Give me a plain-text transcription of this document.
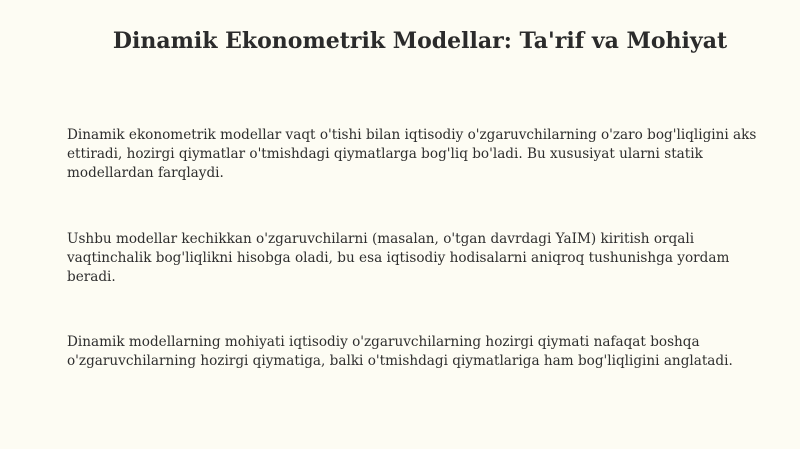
Dinamik Ekonometrik Modellar: Ta'rif va Mohiyat

Dinamik ekonometrik modellar vaqt o'tishi bilan iqtisodiy o'zgaruvchilarning o'zaro bog'liqligini aks ettiradi, hozirgi qiymatlar o'tmishdagi qiymatlarga bog'liq bo'ladi. Bu xususiyat ularni statik modellardan farqlaydi.

Ushbu modellar kechikkan o'zgaruvchilarni (masalan, o'tgan davrdagi YaIM) kiritish orqali vaqtinchalik bog'liqlikni hisobga oladi, bu esa iqtisodiy hodisalarni aniqroq tushunishga yordam beradi.

Dinamik modellarning mohiyati iqtisodiy o'zgaruvchilarning hozirgi qiymati nafaqat boshqa o'zgaruvchilarning hozirgi qiymatiga, balki o'tmishdagi qiymatlariga ham bog'liqligini anglatadi.
